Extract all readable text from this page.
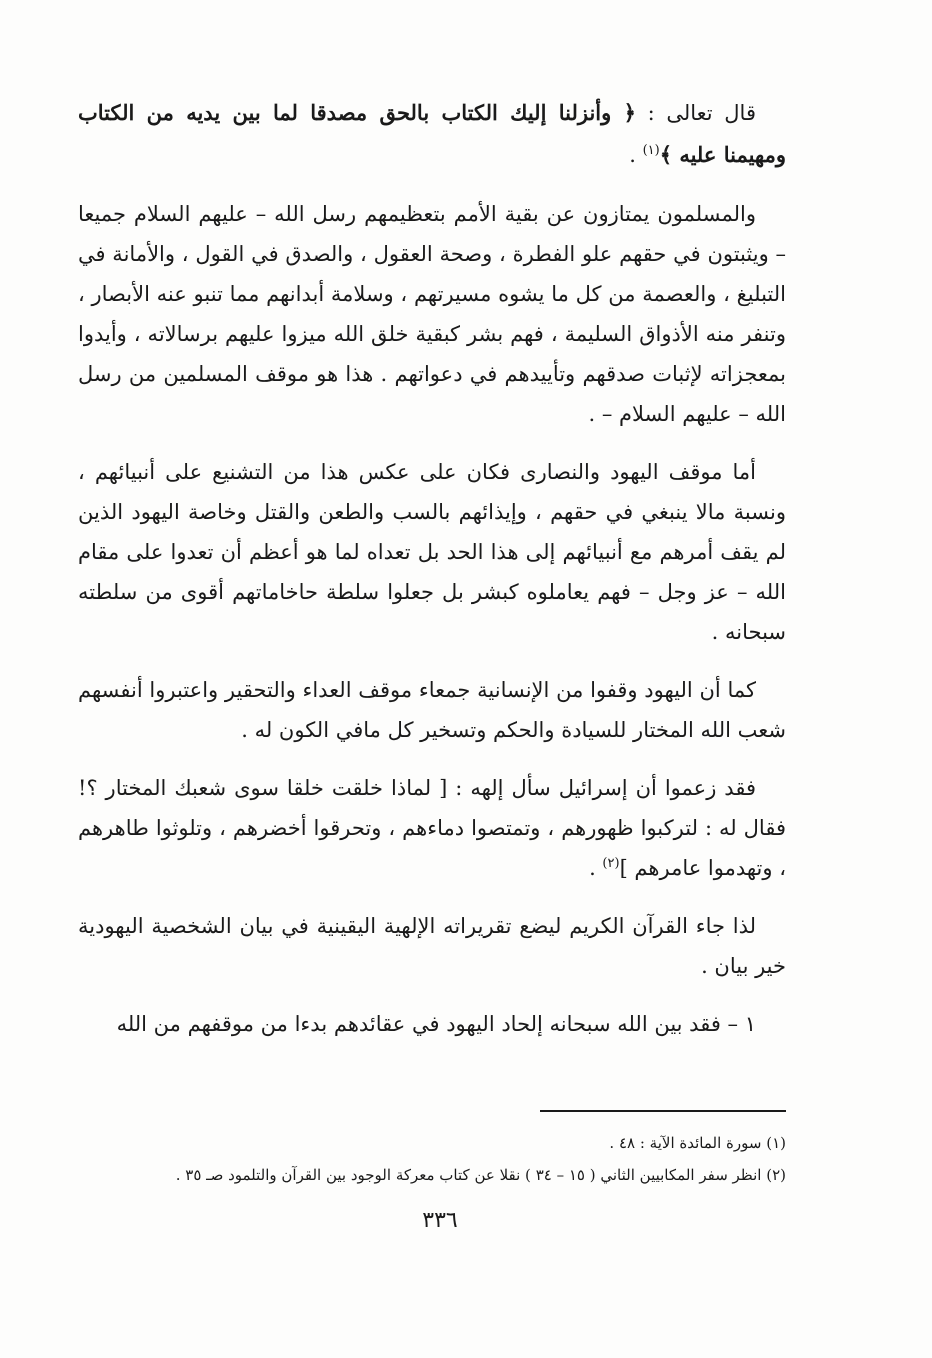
قال تعالى : ﴿ وأنزلنا إليك الكتاب بالحق مصدقا لما بين يديه من الكتاب ومهيمنا عليه ﴾$^{(١)}$ .

والمسلمون يمتازون عن بقية الأمم بتعظيمهم رسل الله – عليهم السلام جميعا – ويثبتون في حقهم علو الفطرة ، وصحة العقول ، والصدق في القول ، والأمانة في التبليغ ، والعصمة من كل ما يشوه مسيرتهم ، وسلامة أبدانهم مما تنبو عنه الأبصار ، وتنفر منه الأذواق السليمة ، فهم بشر كبقية خلق الله ميزوا عليهم برسالاته ، وأيدوا بمعجزاته لإثبات صدقهم وتأييدهم في دعواتهم . هذا هو موقف المسلمين من رسل الله – عليهم السلام – .

أما موقف اليهود والنصارى فكان على عكس هذا من التشنيع على أنبيائهم ، ونسبة مالا ينبغي في حقهم ، وإيذائهم بالسب والطعن والقتل وخاصة اليهود الذين لم يقف أمرهم مع أنبيائهم إلى هذا الحد بل تعداه لما هو أعظم أن تعدوا على مقام الله – عز وجل – فهم يعاملوه كبشر بل جعلوا سلطة حاخاماتهم أقوى من سلطته سبحانه .

كما أن اليهود وقفوا من الإنسانية جمعاء موقف العداء والتحقير واعتبروا أنفسهم شعب الله المختار للسيادة والحكم وتسخير كل مافي الكون له .

فقد زعموا أن إسرائيل سأل إلهه : [ لماذا خلقت خلقا سوى شعبك المختار ؟! فقال له : لتركبوا ظهورهم ، وتمتصوا دماءهم ، وتحرقوا أخضرهم ، وتلوثوا طاهرهم ، وتهدموا عامرهم ]$^{(٢)}$ .

لذا جاء القرآن الكريم ليضع تقريراته الإلهية اليقينية في بيان الشخصية اليهودية خير بيان .

١ – فقد بين الله سبحانه إلحاد اليهود في عقائدهم بدءا من موقفهم من الله

(١) سورة المائدة الآية : ٤٨ .

(٢) انظر سفر المكابيين الثاني ( ١٥ – ٣٤ ) نقلا عن كتاب معركة الوجود بين القرآن والتلمود صـ ٣٥ .

٣٣٦
